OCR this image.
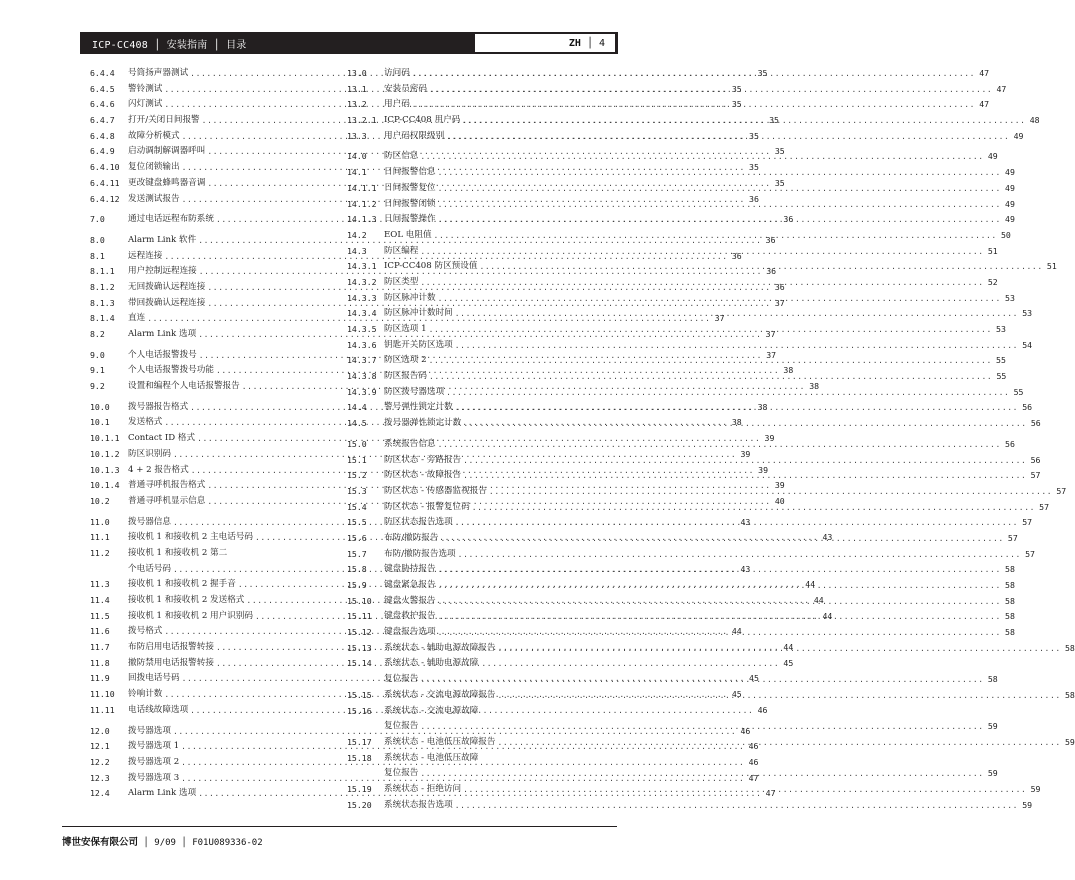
ICP-CC408 │ 安装指南 │ 目录	ZH │ 4
6.4.4	号筒扬声器测试 .....	35
6.4.5	警铃测试 .....	35
6.4.6	闪灯测试 .....	35
6.4.7	打开/关闭日间报警 .....	35
6.4.8	故障分析模式 .....	35
6.4.9	启动调制解调器呼叫 .....	35
6.4.10 复位闭锁输出 .....	35
6.4.11 更改键盘蜂鸣器音调 .....	35
6.4.12 发送测试报告 .....	36
7.0	通过电话远程布防系统 .....	36
8.0	Alarm Link 软件 .....	36
8.1	远程连接 .....	36
8.1.1	用户控制远程连接 .....	36
8.1.2	无回拨确认远程连接 .....	36
8.1.3	带回拨确认远程连接 .....	37
8.1.4	直连 .....	37
8.2	Alarm Link 选项 .....	37
9.0	个人电话报警拨号 .....	37
9.1	个人电话报警拨号功能 .....	38
9.2	设置和编程个人电话报警报告 .....	38
10.0	拨号器报告格式 .....	38
10.1	发送格式 .....	38
10.1.1 Contact ID 格式 .....	39
10.1.2 防区识别码 .....	39
10.1.3 4 + 2 报告格式 .....	39
10.1.4 普通寻呼机报告格式 .....	39
10.2	普通寻呼机显示信息 .....	40
11.0	拨号器信息 .....	43
11.1	接收机 1 和接收机 2 主电话号码 .....	43
11.2	接收机 1 和接收机 2 第二
个电话号码 .....	43
11.3	接收机 1 和接收机 2 握手音 .....	44
11.4	接收机 1 和接收机 2 发送格式 .....	44
11.5	接收机 1 和接收机 2 用户识别码 .....	44
11.6	拨号格式 .....	44
11.7	布防启用电话报警转接 .....	44
11.8	撤防禁用电话报警转接 .....	45
11.9	回拨电话号码 .....	45
11.10	铃响计数 .....	45
11.11	电话线故障选项 .....	46
12.0	拨号器选项 .....	46
12.1	拨号器选项 1 .....	46
12.2	拨号器选项 2 .....	46
12.3	拨号器选项 3 .....	47
12.4	Alarm Link 选项 .....	47
13.0	访问码 .....	47
13.1	安装员密码 .....	47
13.2	用户码 .....	47
13.2.1 ICP-CC408 用户码 .....	48
13.3	用户码权限级别 .....	49
14.0	防区信息 .....	49
14.1	日间报警信息 .....	49
14.1.1 日间报警复位 .....	49
14.1.2 日间报警闭锁 .....	49
14.1.3 日间报警操作 .....	49
14.2	EOL 电阻值 .....	50
14.3	防区编程 .....	51
14.3.1 ICP-CC408 防区预设值 .....	51
14.3.2 防区类型 .....	52
14.3.3 防区脉冲计数 .....	53
14.3.4 防区脉冲计数时间 .....	53
14.3.5 防区选项 1 .....	53
14.3.6 钥匙开关防区选项 .....	54
14.3.7 防区选项 2 .....	55
14.3.8 防区报告码 .....	55
14.3.9 防区拨号器选项 .....	55
14.4	警号弹性锁定计数 .....	56
14.5	拨号器弹性锁定计数 .....	56
15.0	系统报告信息 .....	56
15.1	防区状态 - 旁路报告 .....	56
15.2	防区状态 - 故障报告 .....	57
15.3	防区状态 - 传感器监视报告 .....	57
15.4	防区状态 - 报警复位码 .....	57
15.5	防区状态报告选项 .....	57
15.6	布防/撤防报告 .....	57
15.7	布防/撤防报告选项 .....	57
15.8	键盘胁持报告 .....	58
15.9	键盘紧急报告 .....	58
15.10	键盘火警报告 .....	58
15.11	键盘救护报告 .....	58
15.12	键盘报告选项 .....	58
15.13	系统状态 - 辅助电源故障报告 .....	58
15.14	系统状态 - 辅助电源故障
复位报告 .....	58
15.15	系统状态 - 交流电源故障报告 .....	58
15.16	系统状态 - 交流电源故障
复位报告 .....	59
15.17	系统状态 - 电池低压故障报告 .....	59
15.18	系统状态 - 电池低压故障
复位报告 .....	59
15.19	系统状态 - 拒绝访问 .....	59
15.20	系统状态报告选项 .....	59
博世安保有限公司 │ 9/09 │ F01U089336-02
